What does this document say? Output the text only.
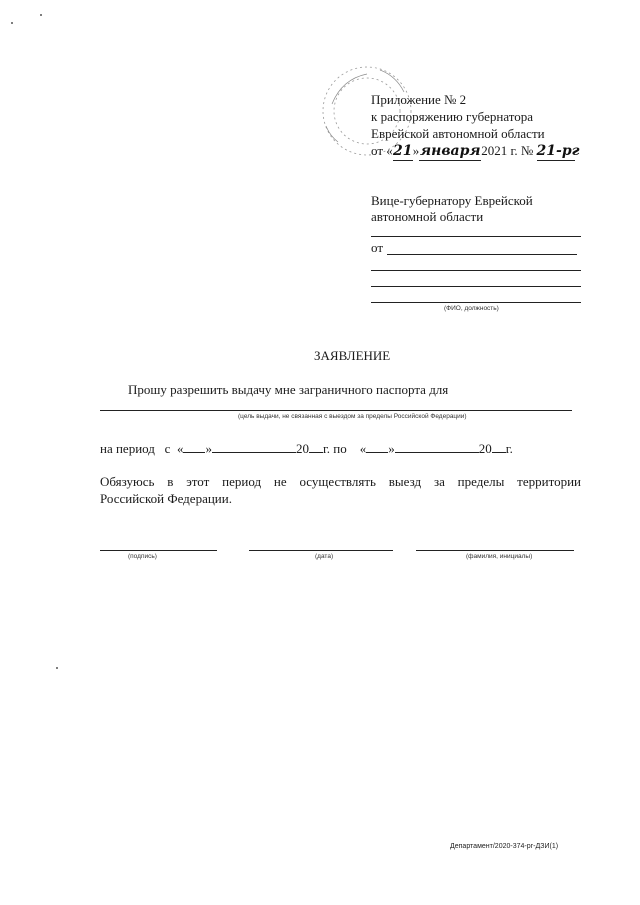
Приложение № 2
к распоряжению губернатора
Еврейской автономной области
от «21»января2021 г. № 21-рг
Вице-губернатору Еврейской
автономной области
от
(ФИО, должность)
ЗАЯВЛЕНИЕ
Прошу разрешить выдачу мне заграничного паспорта для
(цель выдачи, не связанная с выездом за пределы Российской Федерации)
на период с « »	20 г. по « »	20 г.
Обязуюсь в этот период не осуществлять выезд за пределы территории
Российской Федерации.
(подпись)	(дата)	(фамилия, инициалы)
Департамент/2020-374-рг-ДЗИ(1)
